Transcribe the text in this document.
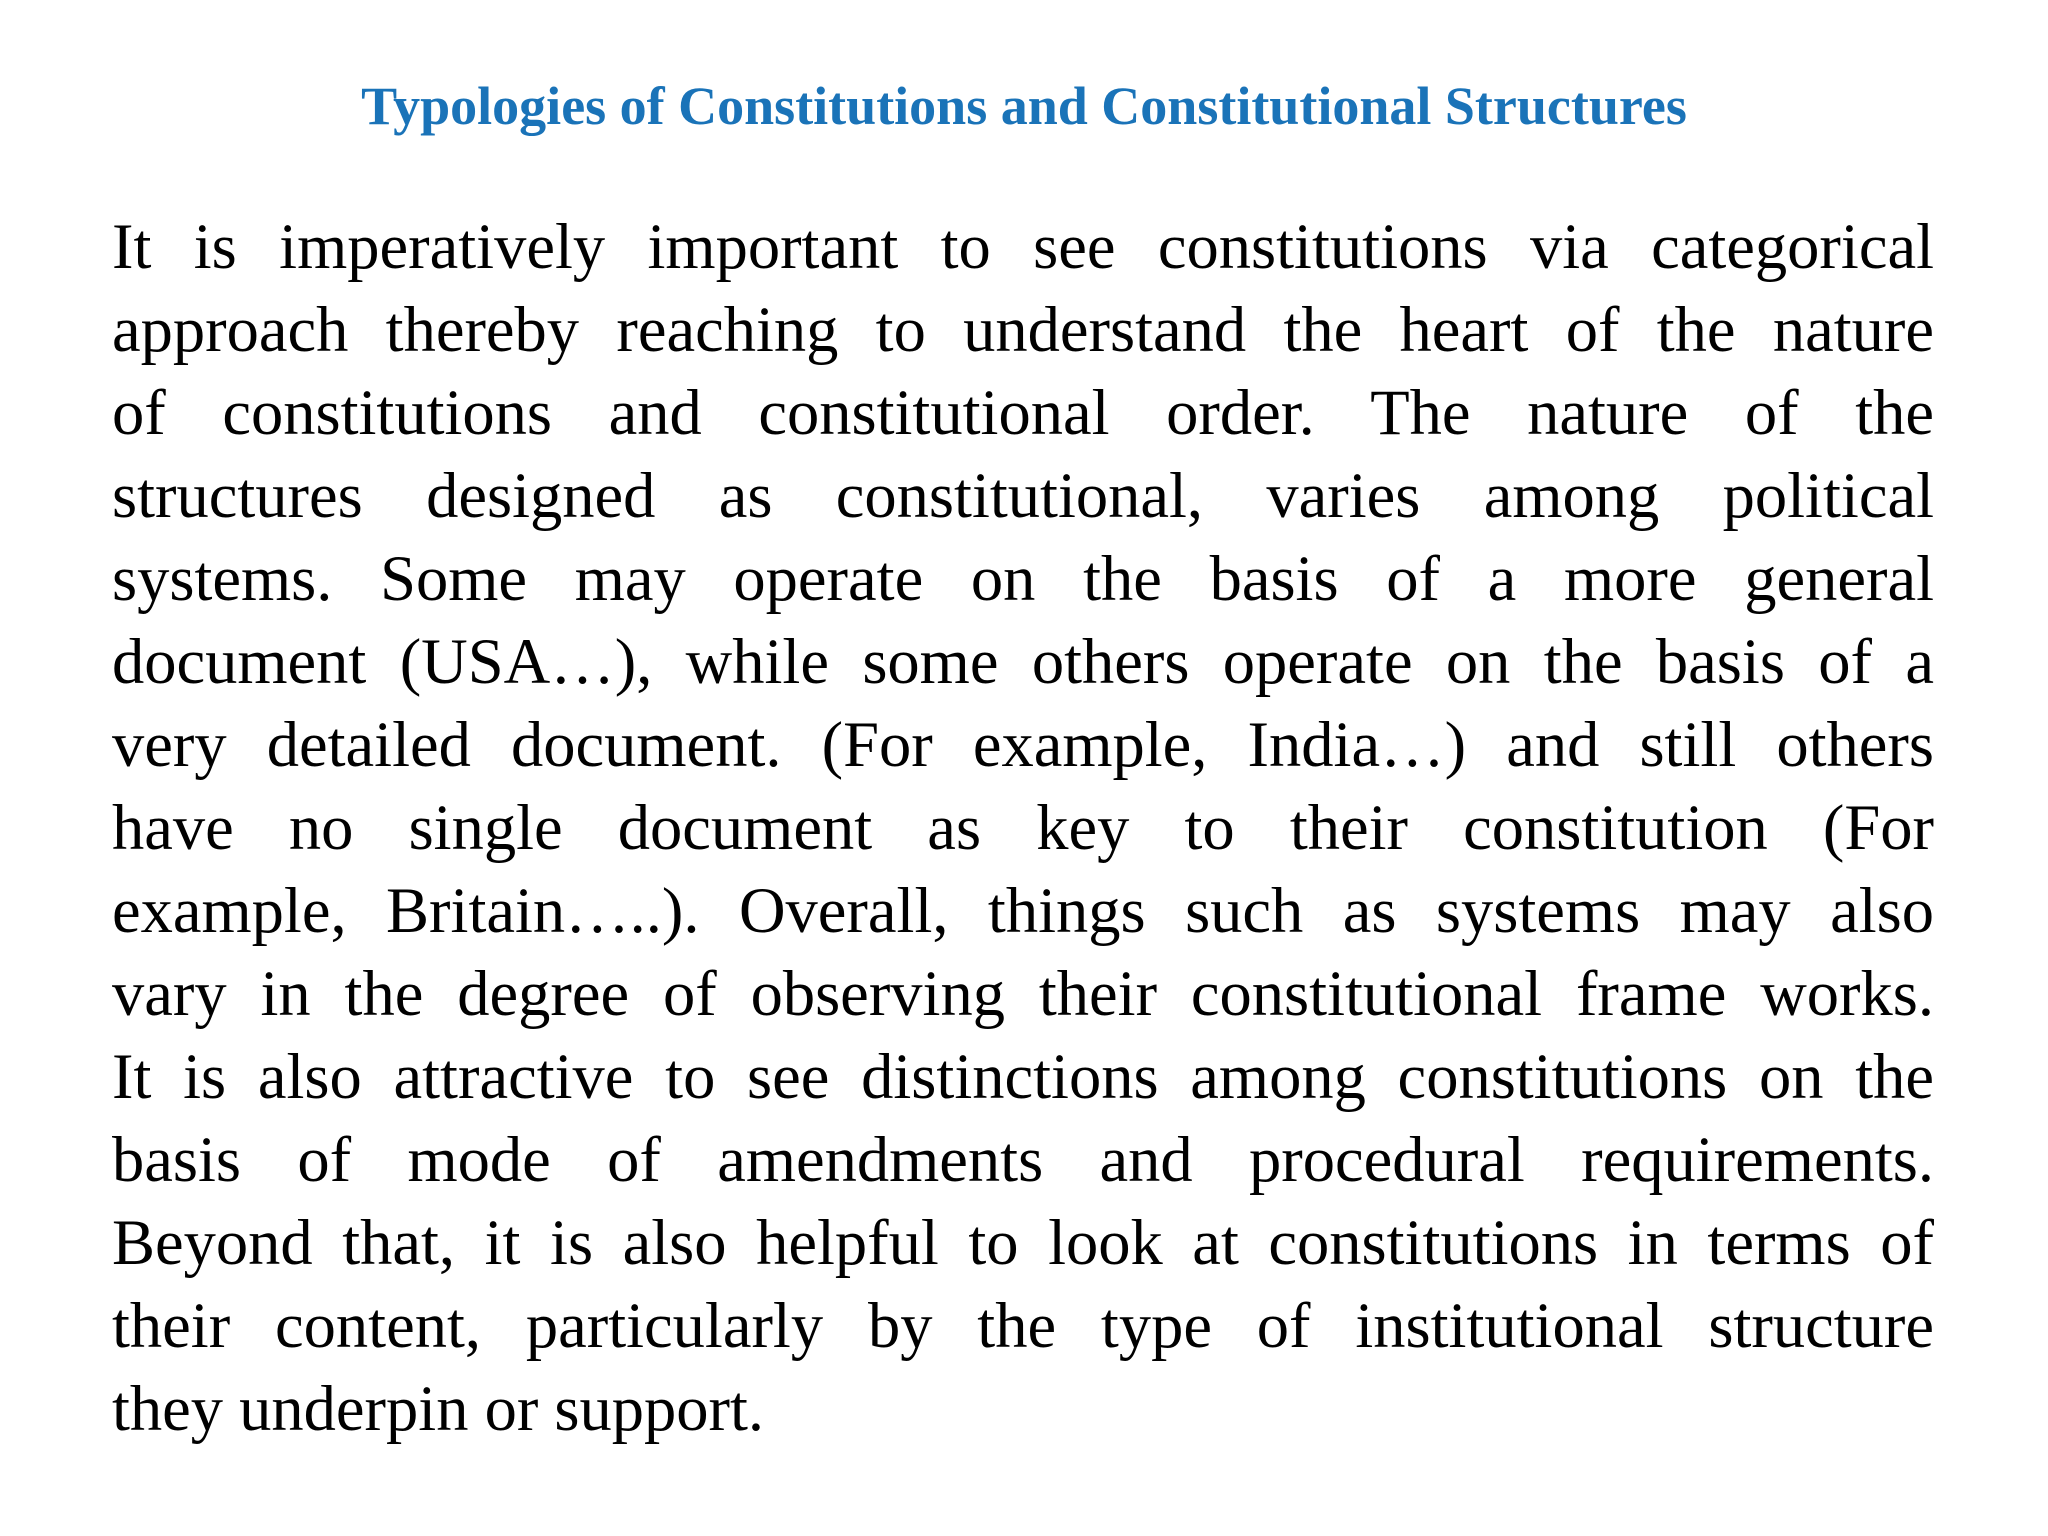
Typologies of Constitutions and Constitutional Structures
It is imperatively important to see constitutions via categorical
approach thereby reaching to understand the heart of the nature
of constitutions and constitutional order. The nature of the
structures designed as constitutional, varies among political
systems. Some may operate on the basis of a more general
document (USA…), while some others operate on the basis of a
very detailed document. (For example, India…) and still others
have no single document as key to their constitution (For
example, Britain…..). Overall, things such as systems may also
vary in the degree of observing their constitutional frame works.
It is also attractive to see distinctions among constitutions on the
basis of mode of amendments and procedural requirements.
Beyond that, it is also helpful to look at constitutions in terms of
their content, particularly by the type of institutional structure
they underpin or support.
